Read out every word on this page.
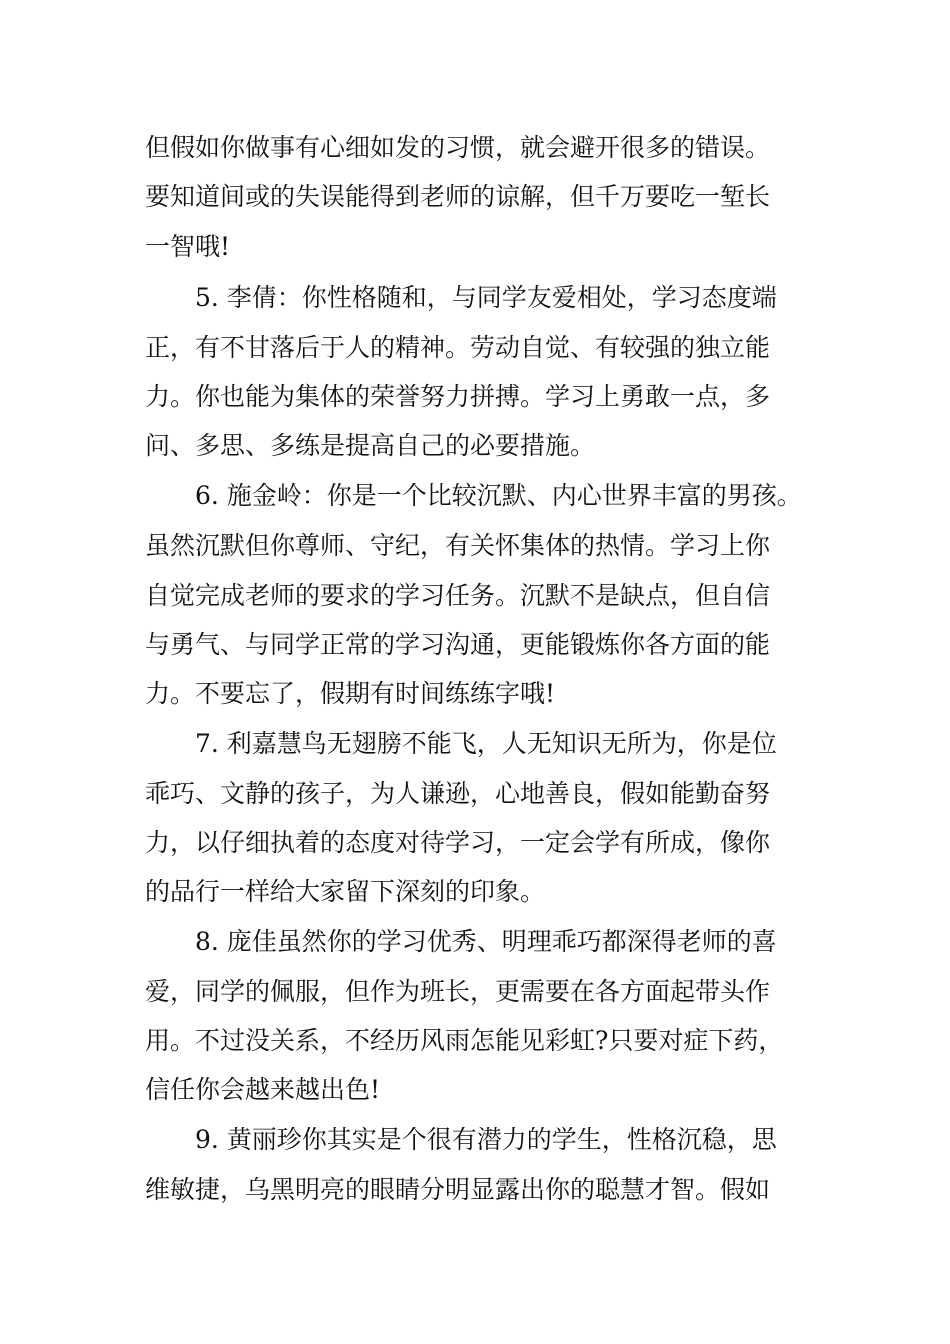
但假如你做事有心细如发的习惯，就会避开很多的错误。
要知道间或的失误能得到老师的谅解，但千万要吃一堑长
一智哦!
5. 李倩：你性格随和，与同学友爱相处，学习态度端
正，有不甘落后于人的精神。劳动自觉、有较强的独立能
力。你也能为集体的荣誉努力拼搏。学习上勇敢一点，多
问、多思、多练是提高自己的必要措施。
6. 施金岭：你是一个比较沉默、内心世界丰富的男孩。
虽然沉默但你尊师、守纪，有关怀集体的热情。学习上你
自觉完成老师的要求的学习任务。沉默不是缺点，但自信
与勇气、与同学正常的学习沟通，更能锻炼你各方面的能
力。不要忘了，假期有时间练练字哦!
7. 利嘉慧鸟无翅膀不能飞，人无知识无所为，你是位
乖巧、文静的孩子，为人谦逊，心地善良，假如能勤奋努
力，以仔细执着的态度对待学习，一定会学有所成，像你
的品行一样给大家留下深刻的印象。
8. 庞佳虽然你的学习优秀、明理乖巧都深得老师的喜
爱，同学的佩服，但作为班长，更需要在各方面起带头作
用。不过没关系，不经历风雨怎能见彩虹?只要对症下药，
信任你会越来越出色!
9. 黄丽珍你其实是个很有潜力的学生，性格沉稳，思
维敏捷，乌黑明亮的眼睛分明显露出你的聪慧才智。假如
